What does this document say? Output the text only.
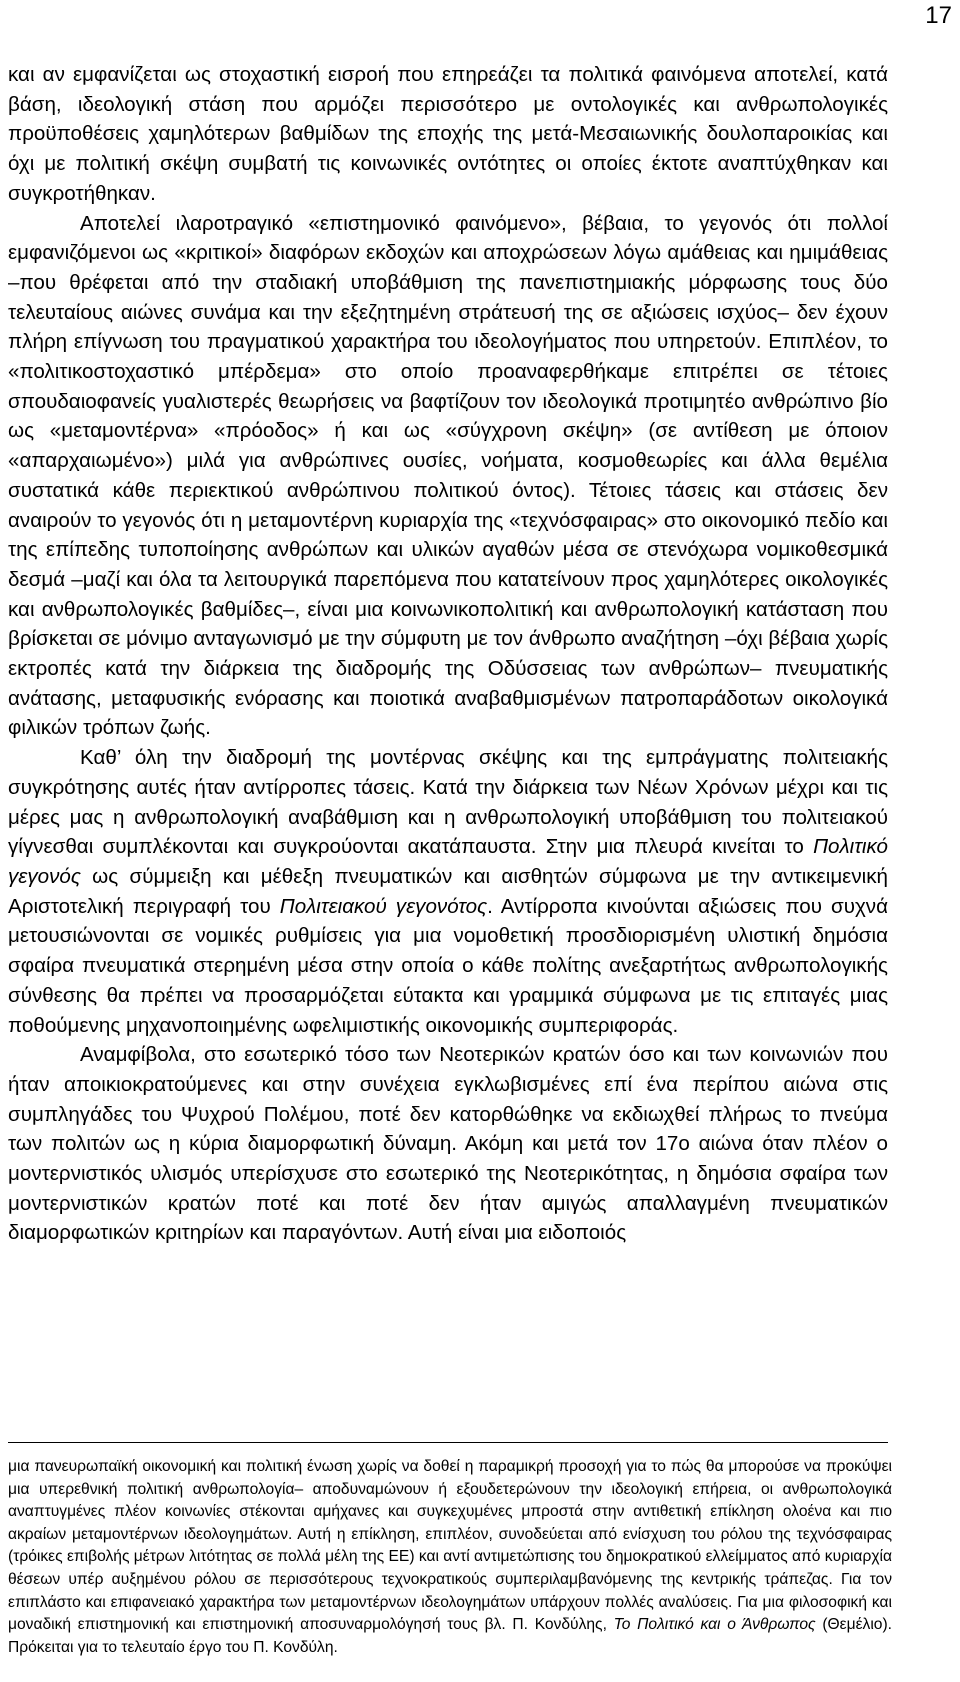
17

και αν εμφανίζεται ως στοχαστική εισροή που επηρεάζει τα πολιτικά φαινόμενα αποτελεί, κατά βάση, ιδεολογική στάση που αρμόζει περισσότερο με οντολογικές και ανθρωπολογικές προϋποθέσεις χαμηλότερων βαθμίδων της εποχής της μετά-Μεσαιωνικής δουλοπαροικίας και όχι με πολιτική σκέψη συμβατή τις κοινωνικές οντότητες οι οποίες έκτοτε αναπτύχθηκαν και συγκροτήθηκαν.

Αποτελεί ιλαροτραγικό «επιστημονικό φαινόμενο», βέβαια, το γεγονός ότι πολλοί εμφανιζόμενοι ως «κριτικοί» διαφόρων εκδοχών και αποχρώσεων λόγω αμάθειας και ημιμάθειας –που θρέφεται από την σταδιακή υποβάθμιση της πανεπιστημιακής μόρφωσης τους δύο τελευταίους αιώνες συνάμα και την εξεζητημένη στράτευσή της σε αξιώσεις ισχύος– δεν έχουν πλήρη επίγνωση του πραγματικού χαρακτήρα του ιδεολογήματος που υπηρετούν. Επιπλέον, το «πολιτικοστοχαστικό μπέρδεμα» στο οποίο προαναφερθήκαμε επιτρέπει σε τέτοιες σπουδαιοφανείς γυαλιστερές θεωρήσεις να βαφτίζουν τον ιδεολογικά προτιμητέο ανθρώπινο βίο ως «μεταμοντέρνα» «πρόοδος» ή και ως «σύγχρονη σκέψη» (σε αντίθεση με όποιον «απαρχαιωμένο») μιλά για ανθρώπινες ουσίες, νοήματα, κοσμοθεωρίες και άλλα θεμέλια συστατικά κάθε περιεκτικού ανθρώπινου πολιτικού όντος). Τέτοιες τάσεις και στάσεις δεν αναιρούν το γεγονός ότι η μεταμοντέρνη κυριαρχία της «τεχνόσφαιρας» στο οικονομικό πεδίο και της επίπεδης τυποποίησης ανθρώπων και υλικών αγαθών μέσα σε στενόχωρα νομικοθεσμικά δεσμά –μαζί και όλα τα λειτουργικά παρεπόμενα που κατατείνουν προς χαμηλότερες οικολογικές και ανθρωπολογικές βαθμίδες–, είναι μια κοινωνικοπολιτική και ανθρωπολογική κατάσταση που βρίσκεται σε μόνιμο ανταγωνισμό με την σύμφυτη με τον άνθρωπο αναζήτηση –όχι βέβαια χωρίς εκτροπές κατά την διάρκεια της διαδρομής της Οδύσσειας των ανθρώπων– πνευματικής ανάτασης, μεταφυσικής ενόρασης και ποιοτικά αναβαθμισμένων πατροπαράδοτων οικολογικά φιλικών τρόπων ζωής.

Καθ’ όλη την διαδρομή της μοντέρνας σκέψης και της εμπράγματης πολιτειακής συγκρότησης αυτές ήταν αντίρροπες τάσεις. Κατά την διάρκεια των Νέων Χρόνων μέχρι και τις μέρες μας η ανθρωπολογική αναβάθμιση και η ανθρωπολογική υποβάθμιση του πολιτειακού γίγνεσθαι συμπλέκονται και συγκρούονται ακατάπαυστα. Στην μια πλευρά κινείται το Πολιτικό γεγονός ως σύμμειξη και μέθεξη πνευματικών και αισθητών σύμφωνα με την αντικειμενική Αριστοτελική περιγραφή του Πολιτειακού γεγονότος. Αντίρροπα κινούνται αξιώσεις που συχνά μετουσιώνονται σε νομικές ρυθμίσεις για μια νομοθετική προσδιορισμένη υλιστική δημόσια σφαίρα πνευματικά στερημένη μέσα στην οποία ο κάθε πολίτης ανεξαρτήτως ανθρωπολογικής σύνθεσης θα πρέπει να προσαρμόζεται εύτακτα και γραμμικά σύμφωνα με τις επιταγές μιας ποθούμενης μηχανοποιημένης ωφελιμιστικής οικονομικής συμπεριφοράς.

Αναμφίβολα, στο εσωτερικό τόσο των Νεοτερικών κρατών όσο και των κοινωνιών που ήταν αποικιοκρατούμενες και στην συνέχεια εγκλωβισμένες επί ένα περίπου αιώνα στις συμπληγάδες του Ψυχρού Πολέμου, ποτέ δεν κατορθώθηκε να εκδιωχθεί πλήρως το πνεύμα των πολιτών ως η κύρια διαμορφωτική δύναμη. Ακόμη και μετά τον 17ο αιώνα όταν πλέον ο μοντερνιστικός υλισμός υπερίσχυσε στο εσωτερικό της Νεοτερικότητας, η δημόσια σφαίρα των μοντερνιστικών κρατών ποτέ και ποτέ δεν ήταν αμιγώς απαλλαγμένη πνευματικών διαμορφωτικών κριτηρίων και παραγόντων. Αυτή είναι μια ειδοποιός

μια πανευρωπαϊκή οικονομική και πολιτική ένωση χωρίς να δοθεί η παραμικρή προσοχή για το πώς θα μπορούσε να προκύψει μια υπερεθνική πολιτική ανθρωπολογία– αποδυναμώνουν ή εξουδετερώνουν την ιδεολογική επήρεια, οι ανθρωπολογικά αναπτυγμένες πλέον κοινωνίες στέκονται αμήχανες και συγκεχυμένες μπροστά στην αντιθετική επίκληση ολοένα και πιο ακραίων μεταμοντέρνων ιδεολογημάτων. Αυτή η επίκληση, επιπλέον, συνοδεύεται από ενίσχυση του ρόλου της τεχνόσφαιρας (τρόικες επιβολής μέτρων λιτότητας σε πολλά μέλη της ΕΕ) και αντί αντιμετώπισης του δημοκρατικού ελλείμματος από κυριαρχία θέσεων υπέρ αυξημένου ρόλου σε περισσότερους τεχνοκρατικούς συμπεριλαμβανόμενης της κεντρικής τράπεζας. Για τον επιπλάστο και επιφανειακό χαρακτήρα των μεταμοντέρνων ιδεολογημάτων υπάρχουν πολλές αναλύσεις. Για μια φιλοσοφική και μοναδική επιστημονική και επιστημονική αποσυναρμολόγησή τους βλ. Π. Κονδύλης, Το Πολιτικό και ο Άνθρωπος (Θεμέλιο). Πρόκειται για το τελευταίο έργο του Π. Κονδύλη.
